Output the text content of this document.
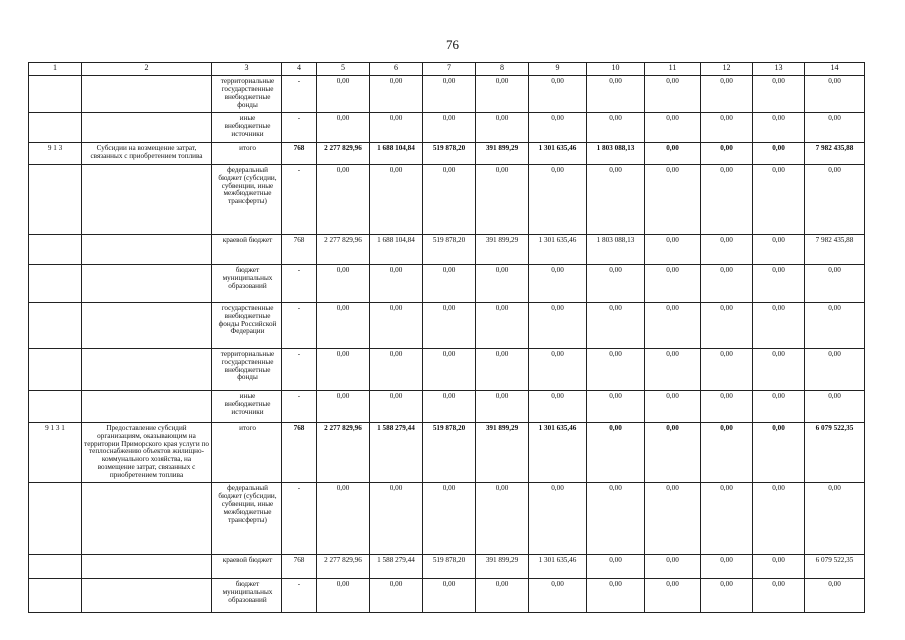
76
1	2	3	4	5	6	7	8	9	10	11	12	13	14
		территориальные государственные внебюджетные фонды	-	0,00	0,00	0,00	0,00	0,00	0,00	0,00	0,00	0,00	0,00
		иные внебюджетные источники	-	0,00	0,00	0,00	0,00	0,00	0,00	0,00	0,00	0,00	0,00
9 1 3	Субсидии на возмещение затрат, связанных с приобретением топлива	итого	768	2 277 829,96	1 688 104,84	519 878,20	391 899,29	1 301 635,46	1 803 088,13	0,00	0,00	0,00	7 982 435,88
		федеральный бюджет (субсидии, субвенции, иные межбюджетные трансферты)	-	0,00	0,00	0,00	0,00	0,00	0,00	0,00	0,00	0,00	0,00
		краевой бюджет	768	2 277 829,96	1 688 104,84	519 878,20	391 899,29	1 301 635,46	1 803 088,13	0,00	0,00	0,00	7 982 435,88
		бюджет муниципальных образований	-	0,00	0,00	0,00	0,00	0,00	0,00	0,00	0,00	0,00	0,00
		государственные внебюджетные фонды Российской Федерации	-	0,00	0,00	0,00	0,00	0,00	0,00	0,00	0,00	0,00	0,00
		территориальные государственные внебюджетные фонды	-	0,00	0,00	0,00	0,00	0,00	0,00	0,00	0,00	0,00	0,00
		иные внебюджетные источники	-	0,00	0,00	0,00	0,00	0,00	0,00	0,00	0,00	0,00	0,00
9 1 3 1	Предоставление субсидий организациям, оказывающим на территории Приморского края услуги по теплоснабжению объектов жилищно-коммунального хозяйства, на возмещение затрат, связанных с приобретением топлива	итого	768	2 277 829,96	1 588 279,44	519 878,20	391 899,29	1 301 635,46	0,00	0,00	0,00	0,00	6 079 522,35
		федеральный бюджет (субсидии, субвенции, иные межбюджетные трансферты)	-	0,00	0,00	0,00	0,00	0,00	0,00	0,00	0,00	0,00	0,00
		краевой бюджет	768	2 277 829,96	1 588 279,44	519 878,20	391 899,29	1 301 635,46	0,00	0,00	0,00	0,00	6 079 522,35
		бюджет муниципальных образований	-	0,00	0,00	0,00	0,00	0,00	0,00	0,00	0,00	0,00	0,00
